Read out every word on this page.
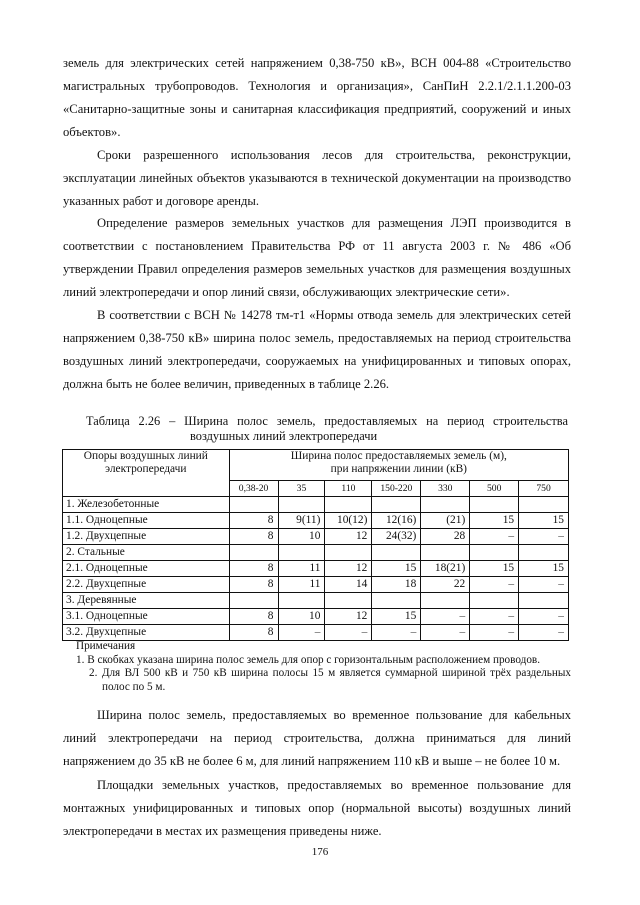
земель для электрических сетей напряжением 0,38-750 кВ», ВСН 004-88 «Строительство магистральных трубопроводов. Технология и организация», СанПиН 2.2.1/2.1.1.200-03 «Санитарно-защитные зоны и санитарная классификация предприятий, сооружений и иных объектов».

Сроки разрешенного использования лесов для строительства, реконструкции, эксплуатации линейных объектов указываются в технической документации на производство указанных работ и договоре аренды.

Определение размеров земельных участков для размещения ЛЭП производится в соответствии с постановлением Правительства РФ от 11 августа 2003 г. № 486 «Об утверждении Правил определения размеров земельных участков для размещения воздушных линий электропередачи и опор линий связи, обслуживающих электрические сети».

В соответствии с ВСН № 14278 тм-т1 «Нормы отвода земель для электрических сетей напряжением 0,38-750 кВ» ширина полос земель, предоставляемых на период строительства воздушных линий электропередачи, сооружаемых на унифицированных и типовых опорах, должна быть не более величин, приведенных в таблице 2.26.

Таблица 2.26 – Ширина полос земель, предоставляемых на период строительства
воздушных линий электропередачи
Опоры воздушных линий
электропередачи	Ширина полос предоставляемых земель (м),
при напряжении линии (кВ)						
	0,38-20	35	110	150-220	330	500	750
1. Железобетонные							
1.1. Одноцепные	8	9(11)	10(12)	12(16)	(21)	15	15
1.2. Двухцепные	8	10	12	24(32)	28	–	–
2. Стальные							
2.1. Одноцепные	8	11	12	15	18(21)	15	15
2.2. Двухцепные	8	11	14	18	22	–	–
3. Деревянные							
3.1. Одноцепные	8	10	12	15	–	–	–
3.2. Двухцепные	8	–	–	–	–	–	–
Примечания
1. В скобках указана ширина полос земель для опор с горизонтальным расположением проводов.
2. Для ВЛ 500 кВ и 750 кВ ширина полосы 15 м является суммарной шириной трёх раздельных полос по 5 м.

Ширина полос земель, предоставляемых во временное пользование для кабельных линий электропередачи на период строительства, должна приниматься для линий напряжением до 35 кВ не более 6 м, для линий напряжением 110 кВ и выше – не более 10 м.

Площадки земельных участков, предоставляемых во временное пользование для монтажных унифицированных и типовых опор (нормальной высоты) воздушных линий электропередачи в местах их размещения приведены ниже.

176
